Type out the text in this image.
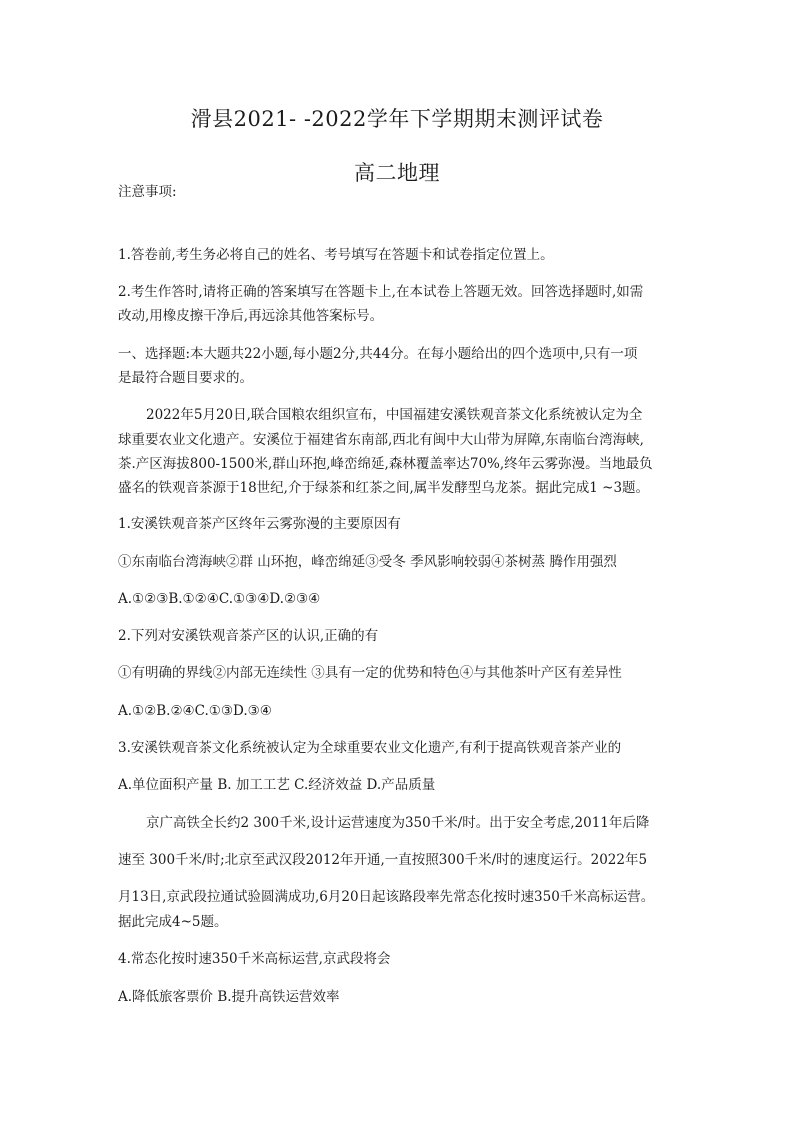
滑县2021- -2022学年下学期期末测评试卷
高二地理
注意事项:
1.答卷前,考生务必将自己的姓名、考号填写在答题卡和试卷指定位置上。
2.考生作答时,请将正确的答案填写在答题卡上,在本试卷上答题无效。回答选择题时,如需
改动,用橡皮擦干净后,再远涂其他答案标号。
一、选择题:本大题共22小题,每小题2分,共44分。在每小题给出的四个选项中,只有一项
是最符合题目要求的。
2022年5月20日,联合国粮农组织宣布，中国福建安溪铁观音茶文化系统被认定为全
球重要农业文化遗产。安溪位于福建省东南部,西北有闽中大山带为屏障,东南临台湾海峡,
茶.产区海拔800-1500米,群山环抱,峰峦绵延,森林覆盖率达70%,终年云雾弥漫。当地最负
盛名的铁观音茶源于18世纪,介于绿茶和红茶之间,属半发酵型乌龙茶。据此完成1 ~3题。
1.安溪铁观音茶产区终年云雾弥漫的主要原因有
①东南临台湾海峡②群 山环抱，峰峦绵延③受冬 季风影响较弱④茶树蒸 腾作用强烈
A.①②③B.①②④C.①③④D.②③④
2.下列对安溪铁观音茶产区的认识,正确的有
①有明确的界线②内部无连续性 ③具有一定的优势和特色④与其他茶叶产区有差异性
A.①②B.②④C.①③D.③④
3.安溪铁观音茶文化系统被认定为全球重要农业文化遗产,有利于提高铁观音茶产业的
A.单位面积产量 B. 加工工艺 C.经济效益 D.产品质量
京广高铁全长约2 300千米,设计运营速度为350千米/时。出于安全考虑,2011年后降
速至 300千米/时;北京至武汉段2012年开通,一直按照300千米/时的速度运行。2022年5
月13日,京武段拉通试验圆满成功,6月20日起该路段率先常态化按时速350千米高标运营。
据此完成4~5题。
4.常态化按时速350千米高标运营,京武段将会
A.降低旅客票价 B.提升高铁运营效率
